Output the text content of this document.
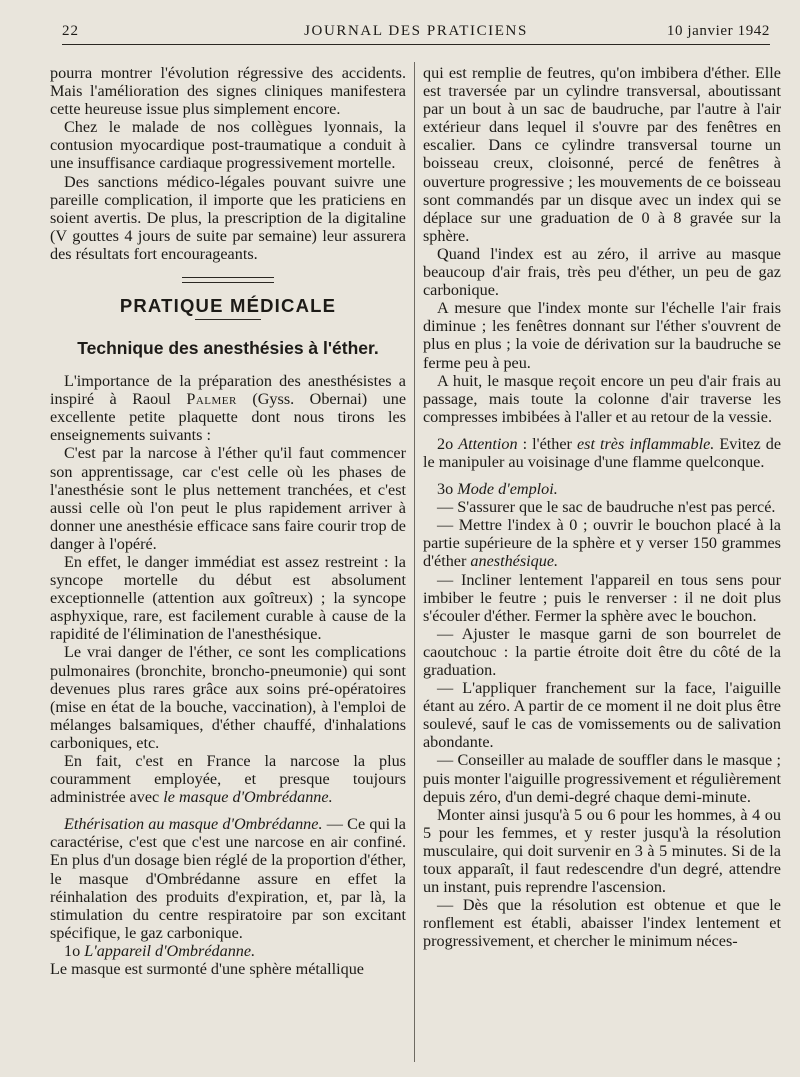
22	JOURNAL DES PRATICIENS	10 janvier 1942

pourra montrer l'évolution régressive des accidents. Mais l'amélioration des signes cliniques manifestera cette heureuse issue plus simplement encore.

Chez le malade de nos collègues lyonnais, la contusion myocardique post-traumatique a conduit à une insuffisance cardiaque progressivement mortelle.

Des sanctions médico-légales pouvant suivre une pareille complication, il importe que les praticiens en soient avertis. De plus, la prescription de la digitaline (V gouttes 4 jours de suite par semaine) leur assurera des résultats fort encourageants.

PRATIQUE MÉDICALE
Technique des anesthésies à l'éther.

L'importance de la préparation des anesthésistes a inspiré à Raoul Palmer (Gyss. Obernai) une excellente petite plaquette dont nous tirons les enseignements suivants :

C'est par la narcose à l'éther qu'il faut commencer son apprentissage, car c'est celle où les phases de l'anesthésie sont le plus nettement tranchées, et c'est aussi celle où l'on peut le plus rapidement arriver à donner une anesthésie efficace sans faire courir trop de danger à l'opéré.

En effet, le danger immédiat est assez restreint : la syncope mortelle du début est absolument exceptionnelle (attention aux goîtreux) ; la syncope asphyxique, rare, est facilement curable à cause de la rapidité de l'élimination de l'anesthésique.

Le vrai danger de l'éther, ce sont les complications pulmonaires (bronchite, broncho-pneumonie) qui sont devenues plus rares grâce aux soins pré-opératoires (mise en état de la bouche, vaccination), à l'emploi de mélanges balsamiques, d'éther chauffé, d'inhalations carboniques, etc.

En fait, c'est en France la narcose la plus couramment employée, et presque toujours administrée avec le masque d'Ombrédanne.

Ethérisation au masque d'Ombrédanne. — Ce qui la caractérise, c'est que c'est une narcose en air confiné. En plus d'un dosage bien réglé de la proportion d'éther, le masque d'Ombrédanne assure en effet la réinhalation des produits d'expiration, et, par là, la stimulation du centre respiratoire par son excitant spécifique, le gaz carbonique.

1o L'appareil d'Ombrédanne.

Le masque est surmonté d'une sphère métallique

qui est remplie de feutres, qu'on imbibera d'éther. Elle est traversée par un cylindre transversal, aboutissant par un bout à un sac de baudruche, par l'autre à l'air extérieur dans lequel il s'ouvre par des fenêtres en escalier. Dans ce cylindre transversal tourne un boisseau creux, cloisonné, percé de fenêtres à ouverture progressive ; les mouvements de ce boisseau sont commandés par un disque avec un index qui se déplace sur une graduation de 0 à 8 gravée sur la sphère.

Quand l'index est au zéro, il arrive au masque beaucoup d'air frais, très peu d'éther, un peu de gaz carbonique.

A mesure que l'index monte sur l'échelle l'air frais diminue ; les fenêtres donnant sur l'éther s'ouvrent de plus en plus ; la voie de dérivation sur la baudruche se ferme peu à peu.

A huit, le masque reçoit encore un peu d'air frais au passage, mais toute la colonne d'air traverse les compresses imbibées à l'aller et au retour de la vessie.

2o Attention : l'éther est très inflammable. Evitez de le manipuler au voisinage d'une flamme quelconque.

3o Mode d'emploi.

— S'assurer que le sac de baudruche n'est pas percé.

— Mettre l'index à 0 ; ouvrir le bouchon placé à la partie supérieure de la sphère et y verser 150 grammes d'éther anesthésique.

— Incliner lentement l'appareil en tous sens pour imbiber le feutre ; puis le renverser : il ne doit plus s'écouler d'éther. Fermer la sphère avec le bouchon.

— Ajuster le masque garni de son bourrelet de caoutchouc : la partie étroite doit être du côté de la graduation.

— L'appliquer franchement sur la face, l'aiguille étant au zéro. A partir de ce moment il ne doit plus être soulevé, sauf le cas de vomissements ou de salivation abondante.

— Conseiller au malade de souffler dans le masque ; puis monter l'aiguille progressivement et régulièrement depuis zéro, d'un demi-degré chaque demi-minute.

Monter ainsi jusqu'à 5 ou 6 pour les hommes, à 4 ou 5 pour les femmes, et y rester jusqu'à la résolution musculaire, qui doit survenir en 3 à 5 minutes. Si de la toux apparaît, il faut redescendre d'un degré, attendre un instant, puis reprendre l'ascension.

— Dès que la résolution est obtenue et que le ronflement est établi, abaisser l'index lentement et progressivement, et chercher le minimum néces-
